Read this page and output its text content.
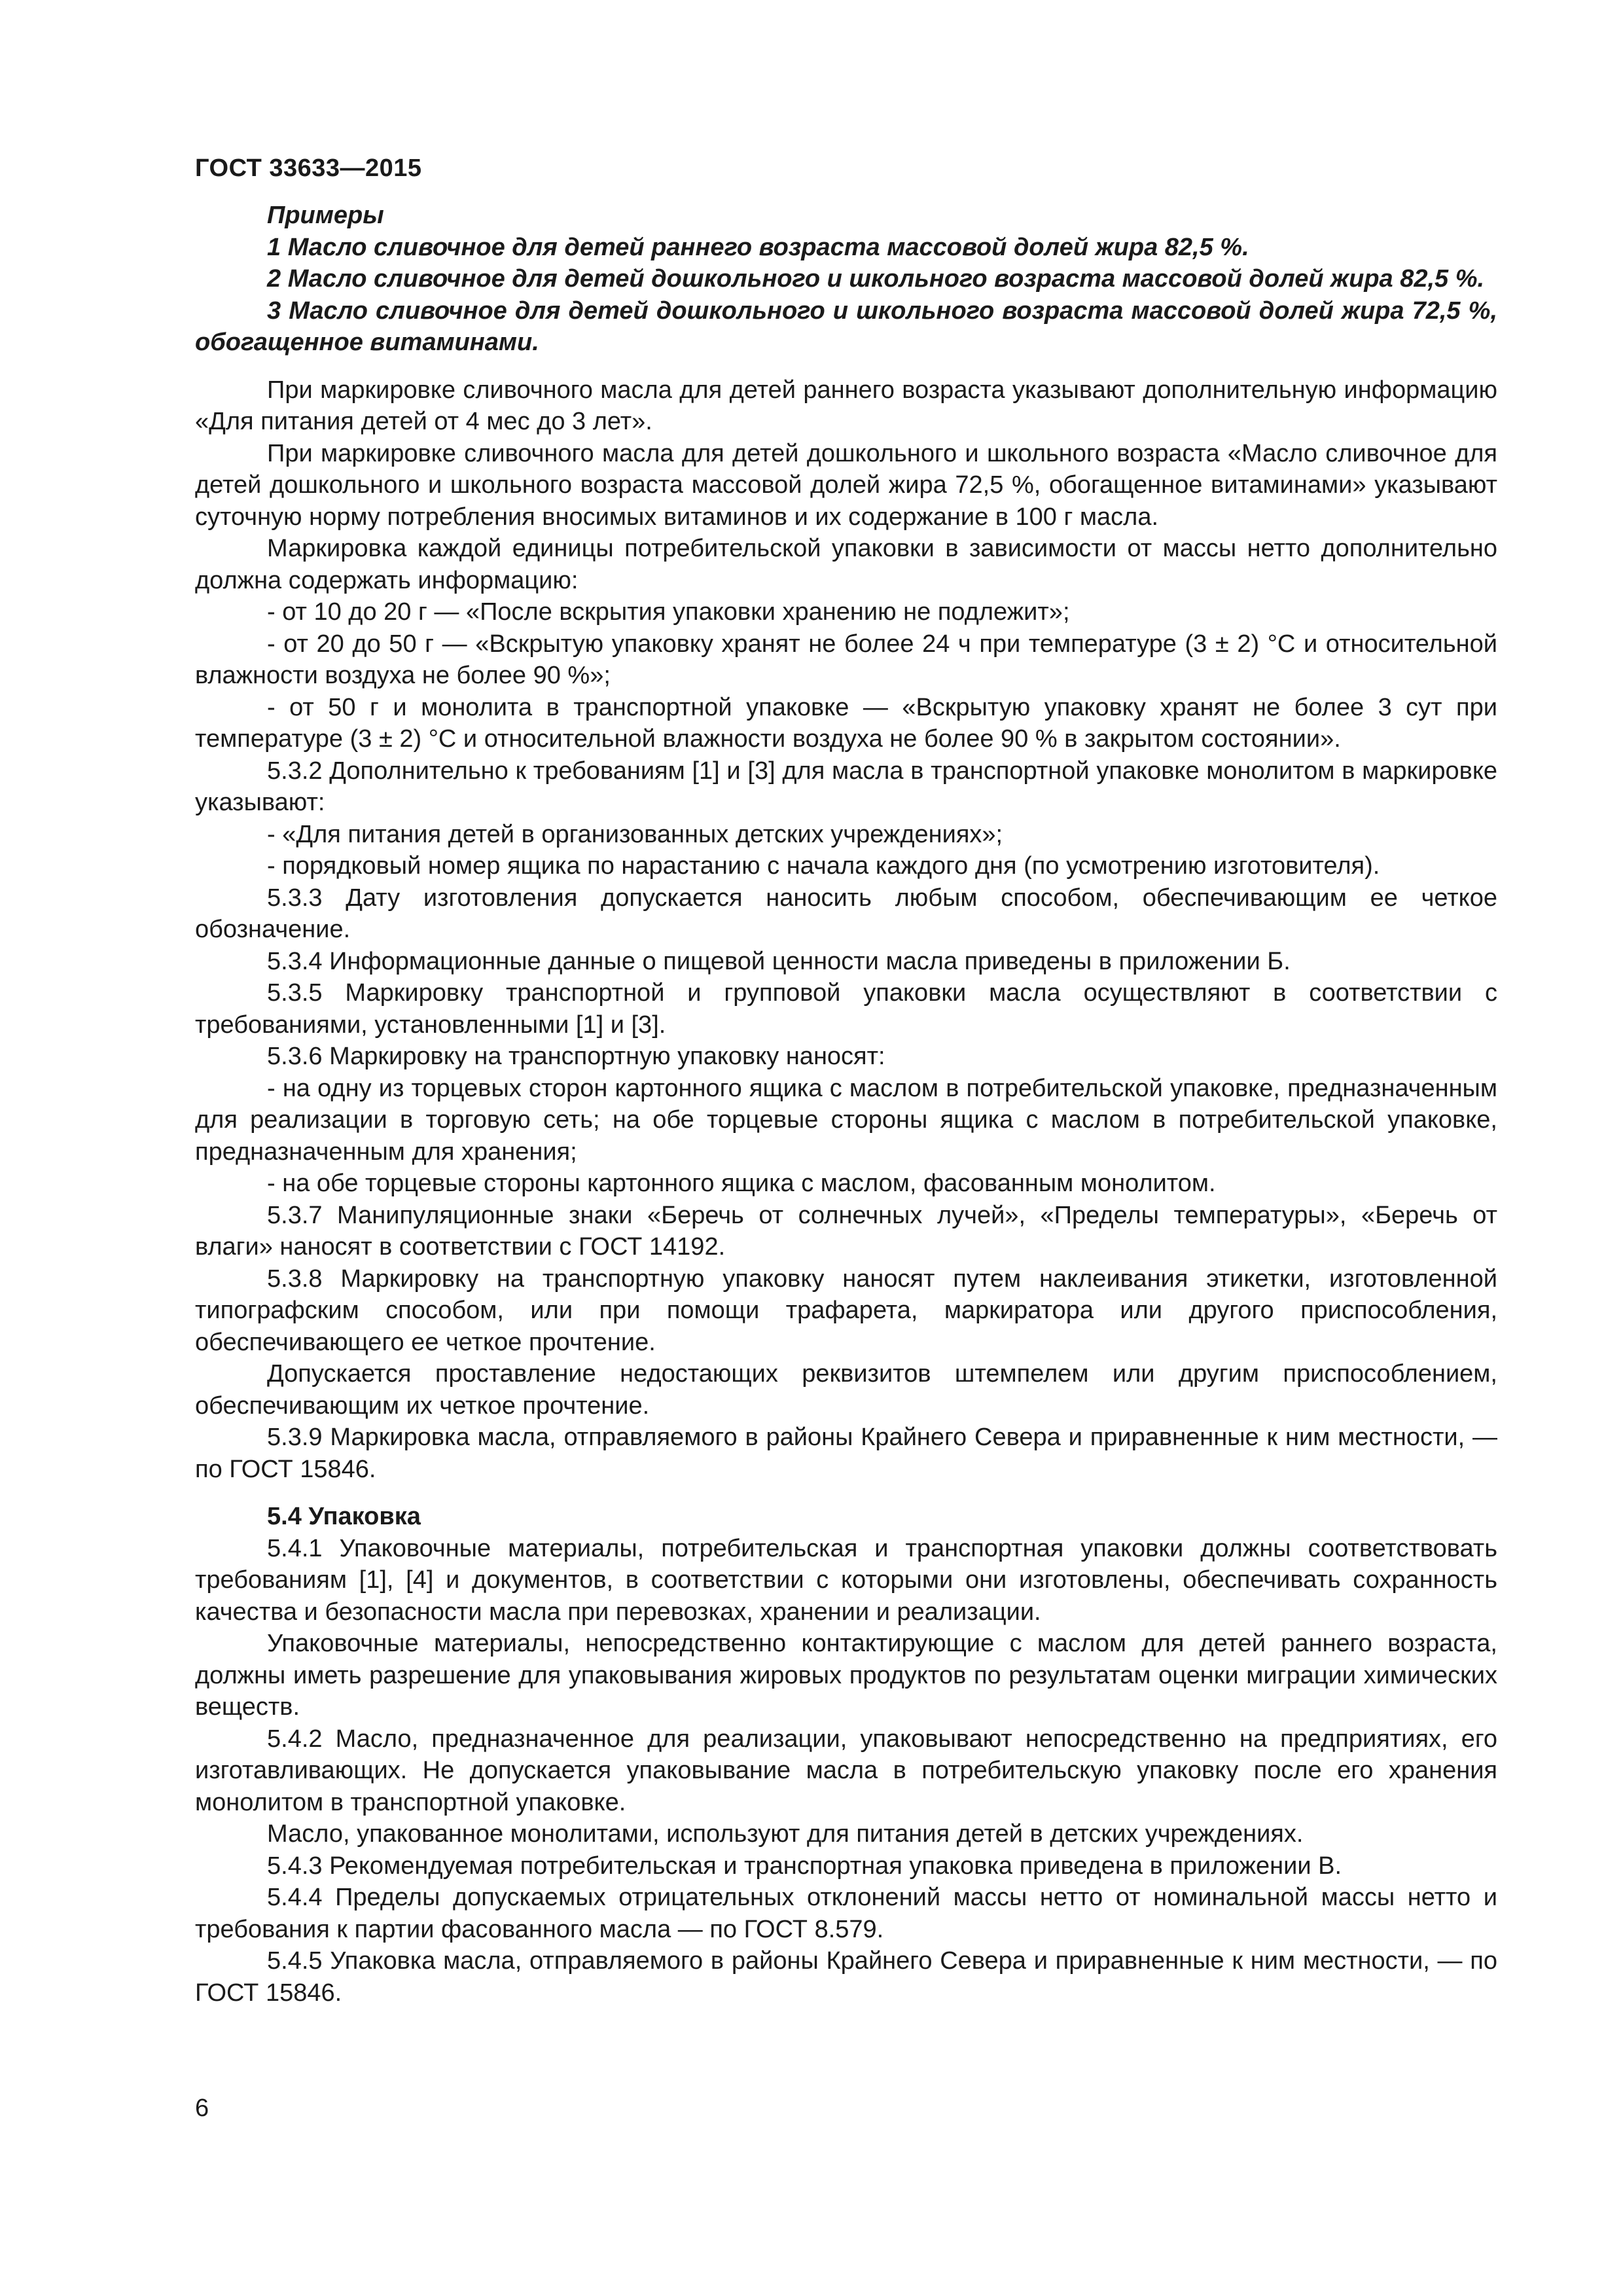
ГОСТ 33633—2015

Примеры

1 Масло сливочное для детей раннего возраста массовой долей жира 82,5 %.

2 Масло сливочное для детей дошкольного и школьного возраста массовой долей жира 82,5 %.

3 Масло сливочное для детей дошкольного и школьного возраста массовой долей жира 72,5 %, обогащенное витаминами.

При маркировке сливочного масла для детей раннего возраста указывают дополнительную информацию «Для питания детей от 4 мес до 3 лет».

При маркировке сливочного масла для детей дошкольного и школьного возраста «Масло сливочное для детей дошкольного и школьного возраста массовой долей жира 72,5 %, обогащенное витаминами» указывают суточную норму потребления вносимых витаминов и их содержание в 100 г масла.

Маркировка каждой единицы потребительской упаковки в зависимости от массы нетто дополнительно должна содержать информацию:

- от 10 до 20 г — «После вскрытия упаковки хранению не подлежит»;

- от 20 до 50 г — «Вскрытую упаковку хранят не более 24 ч при температуре (3 ± 2) °С и относительной влажности воздуха не более 90 %»;

- от 50 г и монолита в транспортной упаковке — «Вскрытую упаковку хранят не более 3 сут при температуре (3 ± 2) °С и относительной влажности воздуха не более 90 % в закрытом состоянии».

5.3.2 Дополнительно к требованиям [1] и [3] для масла в транспортной упаковке монолитом в маркировке указывают:

- «Для питания детей в организованных детских учреждениях»;

- порядковый номер ящика по нарастанию с начала каждого дня (по усмотрению изготовителя).

5.3.3 Дату изготовления допускается наносить любым способом, обеспечивающим ее четкое обозначение.

5.3.4 Информационные данные о пищевой ценности масла приведены в приложении Б.

5.3.5 Маркировку транспортной и групповой упаковки масла осуществляют в соответствии с требованиями, установленными [1] и [3].

5.3.6 Маркировку на транспортную упаковку наносят:

- на одну из торцевых сторон картонного ящика с маслом в потребительской упаковке, предназначенным для реализации в торговую сеть; на обе торцевые стороны ящика с маслом в потребительской упаковке, предназначенным для хранения;

- на обе торцевые стороны картонного ящика с маслом, фасованным монолитом.

5.3.7 Манипуляционные знаки «Беречь от солнечных лучей», «Пределы температуры», «Беречь от влаги» наносят в соответствии с ГОСТ 14192.

5.3.8 Маркировку на транспортную упаковку наносят путем наклеивания этикетки, изготовленной типографским способом, или при помощи трафарета, маркиратора или другого приспособления, обеспечивающего ее четкое прочтение.

Допускается проставление недостающих реквизитов штемпелем или другим приспособлением, обеспечивающим их четкое прочтение.

5.3.9 Маркировка масла, отправляемого в районы Крайнего Севера и приравненные к ним местности, — по ГОСТ 15846.

5.4 Упаковка

5.4.1 Упаковочные материалы, потребительская и транспортная упаковки должны соответствовать требованиям [1], [4] и документов, в соответствии с которыми они изготовлены, обеспечивать сохранность качества и безопасности масла при перевозках, хранении и реализации.

Упаковочные материалы, непосредственно контактирующие с маслом для детей раннего возраста, должны иметь разрешение для упаковывания жировых продуктов по результатам оценки миграции химических веществ.

5.4.2 Масло, предназначенное для реализации, упаковывают непосредственно на предприятиях, его изготавливающих. Не допускается упаковывание масла в потребительскую упаковку после его хранения монолитом в транспортной упаковке.

Масло, упакованное монолитами, используют для питания детей в детских учреждениях.

5.4.3 Рекомендуемая потребительская и транспортная упаковка приведена в приложении В.

5.4.4 Пределы допускаемых отрицательных отклонений массы нетто от номинальной массы нетто и требования к партии фасованного масла — по ГОСТ 8.579.

5.4.5 Упаковка масла, отправляемого в районы Крайнего Севера и приравненные к ним местности, — по ГОСТ 15846.

6
